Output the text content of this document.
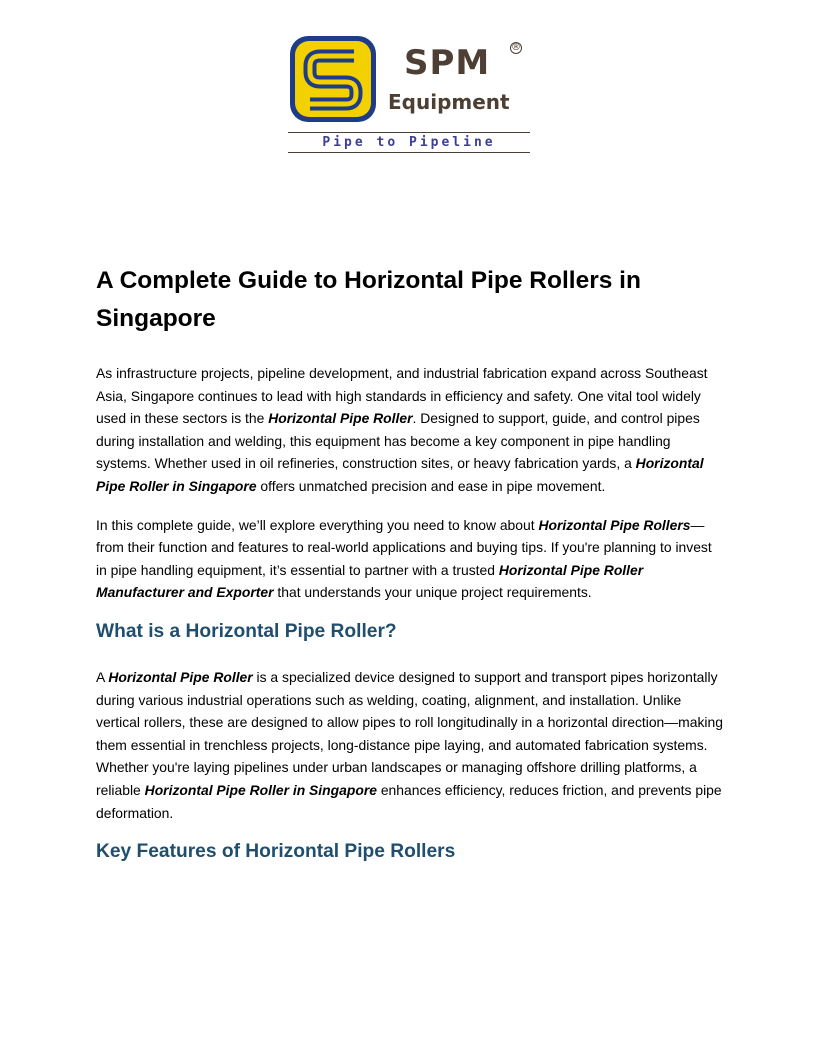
SPM ®
Equipment
Pipe to Pipeline
A Complete Guide to Horizontal Pipe Rollers in Singapore

As infrastructure projects, pipeline development, and industrial fabrication expand across Southeast Asia, Singapore continues to lead with high standards in efficiency and safety. One vital tool widely used in these sectors is the Horizontal Pipe Roller. Designed to support, guide, and control pipes during installation and welding, this equipment has become a key component in pipe handling systems. Whether used in oil refineries, construction sites, or heavy fabrication yards, a Horizontal Pipe Roller in Singapore offers unmatched precision and ease in pipe movement.

In this complete guide, we’ll explore everything you need to know about Horizontal Pipe Rollers—from their function and features to real-world applications and buying tips. If you're planning to invest in pipe handling equipment, it’s essential to partner with a trusted Horizontal Pipe Roller Manufacturer and Exporter that understands your unique project requirements.

What is a Horizontal Pipe Roller?

A Horizontal Pipe Roller is a specialized device designed to support and transport pipes horizontally during various industrial operations such as welding, coating, alignment, and installation. Unlike vertical rollers, these are designed to allow pipes to roll longitudinally in a horizontal direction—making them essential in trenchless projects, long-distance pipe laying, and automated fabrication systems. Whether you're laying pipelines under urban landscapes or managing offshore drilling platforms, a reliable Horizontal Pipe Roller in Singapore enhances efficiency, reduces friction, and prevents pipe deformation.

Key Features of Horizontal Pipe Rollers
